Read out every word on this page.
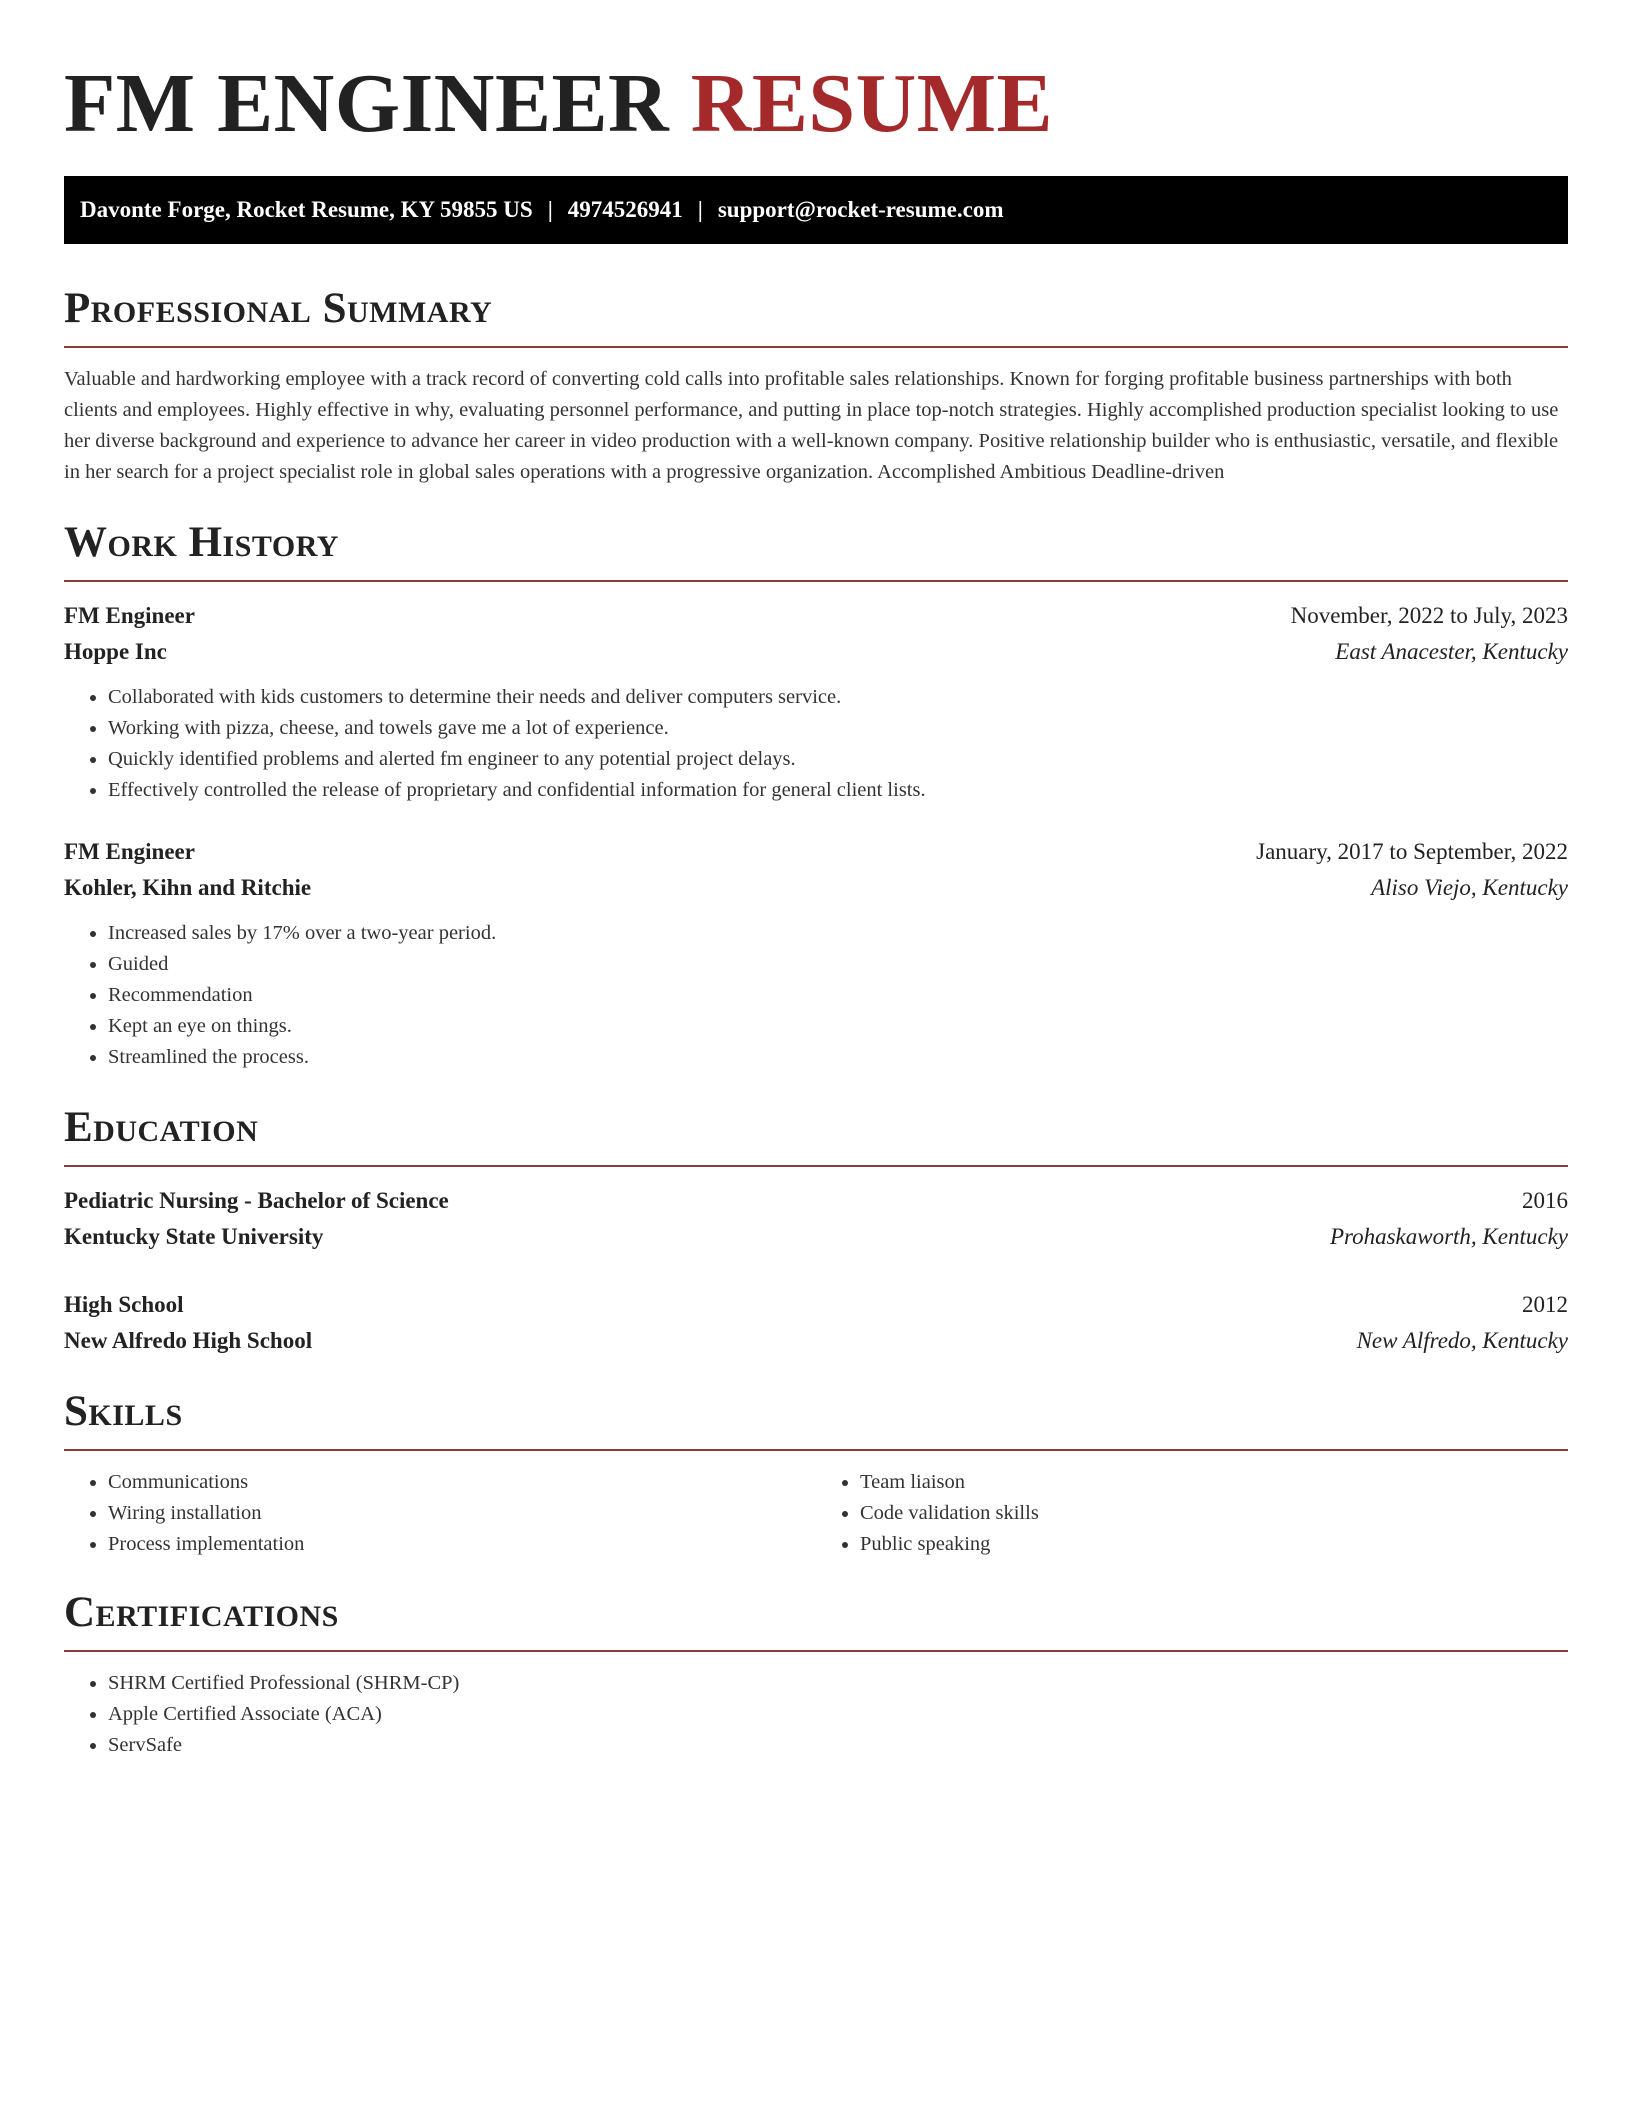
FM ENGINEER RESUME
Davonte Forge, Rocket Resume, KY 59855 US | 4974526941 | support@rocket-resume.com
Professional Summary

Valuable and hardworking employee with a track record of converting cold calls into profitable sales relationships. Known for forging profitable business partnerships with both clients and employees. Highly effective in why, evaluating personnel performance, and putting in place top-notch strategies. Highly accomplished production specialist looking to use her diverse background and experience to advance her career in video production with a well-known company. Positive relationship builder who is enthusiastic, versatile, and flexible in her search for a project specialist role in global sales operations with a progressive organization. Accomplished Ambitious Deadline-driven

Work History
FM Engineer	November, 2022 to July, 2023
Hoppe Inc	East Anacester, Kentucky
• Collaborated with kids customers to determine their needs and deliver computers service.
• Working with pizza, cheese, and towels gave me a lot of experience.
• Quickly identified problems and alerted fm engineer to any potential project delays.
• Effectively controlled the release of proprietary and confidential information for general client lists.
FM Engineer	January, 2017 to September, 2022
Kohler, Kihn and Ritchie	Aliso Viejo, Kentucky
• Increased sales by 17% over a two-year period.
• Guided
• Recommendation
• Kept an eye on things.
• Streamlined the process.
Education
Pediatric Nursing - Bachelor of Science	2016
Kentucky State University	Prohaskaworth, Kentucky
High School	2012
New Alfredo High School	New Alfredo, Kentucky
Skills
• Communications
• Wiring installation
• Process implementation
• Team liaison
• Code validation skills
• Public speaking
Certifications
• SHRM Certified Professional (SHRM-CP)
• Apple Certified Associate (ACA)
• ServSafe
